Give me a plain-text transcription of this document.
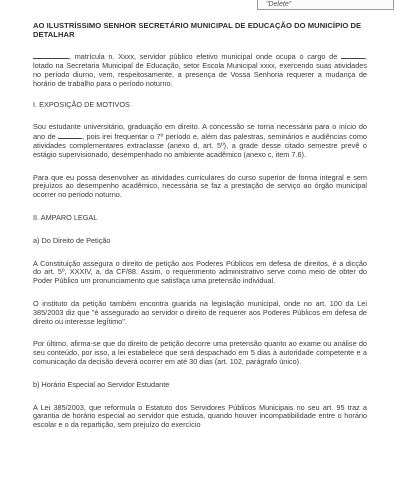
"Delete"
AO ILUSTRÍSSIMO SENHOR SECRETÁRIO MUNICIPAL DE EDUCAÇÃO DO MUNICÍPIO DE DETALHAR

, matrícula n. Xxxx, servidor público efetivo municipal onde ocupa o cargo de	, lotado na Secretaria Municipal de Educação, setor Escola Municipal xxxx, exercendo suas atividades no período diurno, vem, respeitosamente, a presença de Vossa Senhoria requerer a mudança de horário de trabalho para o período noturno.

I. EXPOSIÇÃO DE MOTIVOS

Sou estudante universitário, graduação em direito. A concessão se torna necessária para o início do ano de	, pois irei frequentar o 7º período e, além das palestras, seminários e audiências como atividades complementares extraclasse (anexo d, art. 5º), a grade desse citado semestre prevê o estágio supervisionado, desempenhado no ambiente acadêmico (anexo c, item 7.6).

Para que eu possa desenvolver as atividades curriculares do curso superior de forma integral e sem prejuízos ao desempenho acadêmico, necessária se faz a prestação de serviço ao órgão municipal ocorrer no período noturno.

II. AMPARO LEGAL
a) Do Direito de Petição

A Constituição assegura o direito de petição aos Poderes Públicos em defesa de direitos, é a dicção do art. 5º, XXXIV, a, da CF/88. Assim, o requerimento administrativo serve como meio de obter do Poder Público um pronunciamento que satisfaça uma pretensão individual.

O instituto da petição também encontra guarida na legislação municipal, onde no art. 100 da Lei 385/2003 diz que "é assegurado ao servidor o direito de requerer aos Poderes Públicos em defesa de direito ou interesse legítimo".

Por último, afirma-se que do direito de petição decorre uma pretensão quanto ao exame ou análise do seu conteúdo, por isso, a lei estabelece que será despachado em 5 dias à autoridade competente e a comunicação da decisão deverá ocorrer em até 30 dias (art. 102, parágrafo único).

b) Horário Especial ao Servidor Estudante

A Lei 385/2003, que reformula o Estatuto dos Servidores Públicos Municipais no seu art. 95 traz a garantia de horário especial ao servidor que estuda, quando houver incompatibilidade entre o horário escolar e o da repartição, sem prejuízo do exercício
